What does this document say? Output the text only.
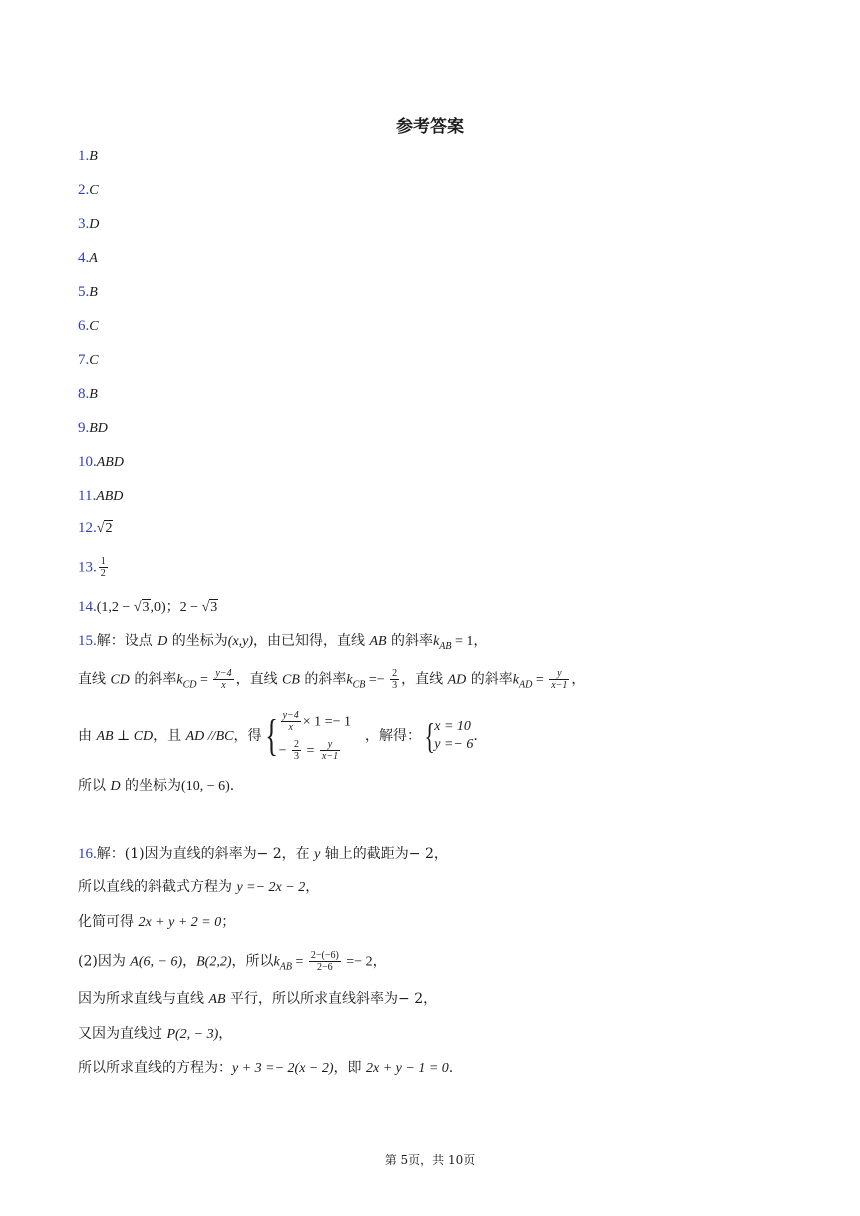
参考答案
1.B
2.C
3.D
4.A
5.B
6.C
7.C
8.B
9.BD
10.ABD
11.ABD
12.√2
13. $\frac{1}{2}$
14.(1,2 − √3,0)；2 − √3
15.解：设点 D 的坐标为(x,y)，由已知得，直线 AB 的斜率$k_{AB} = 1$，
直线 CD 的斜率$k_{CD} = \frac{y-4}{x}$ ，直线 CB 的斜率$k_{CB} =- \frac{2}{3}$ ，直线 AD 的斜率$k_{AD} = \frac{y}{x-1}$ ，
由 AB ⊥ CD，且 AD //BC，得{ $\frac{y-4}{x} \times 1 =- 1$
− $\frac{2}{3} = \frac{y}{x-1}$
，解得：{ x = 10
y =− 6
.
所以 D 的坐标为(10, − 6).
16.解：(1)因为直线的斜率为− 2，在 y 轴上的截距为− 2，
所以直线的斜截式方程为 y =− 2x − 2，
化简可得 2x + y + 2 = 0；
(2)因为 A(6, − 6)，B(2,2)，所以$k_{AB} = \frac{2-(-6)}{2-6} =- 2$，
因为所求直线与直线 AB 平行，所以所求直线斜率为− 2，
又因为直线过 P(2, − 3)，
所以所求直线的方程为：y + 3 =− 2(x − 2)，即 2x + y − 1 = 0.
第 5页，共 10页
